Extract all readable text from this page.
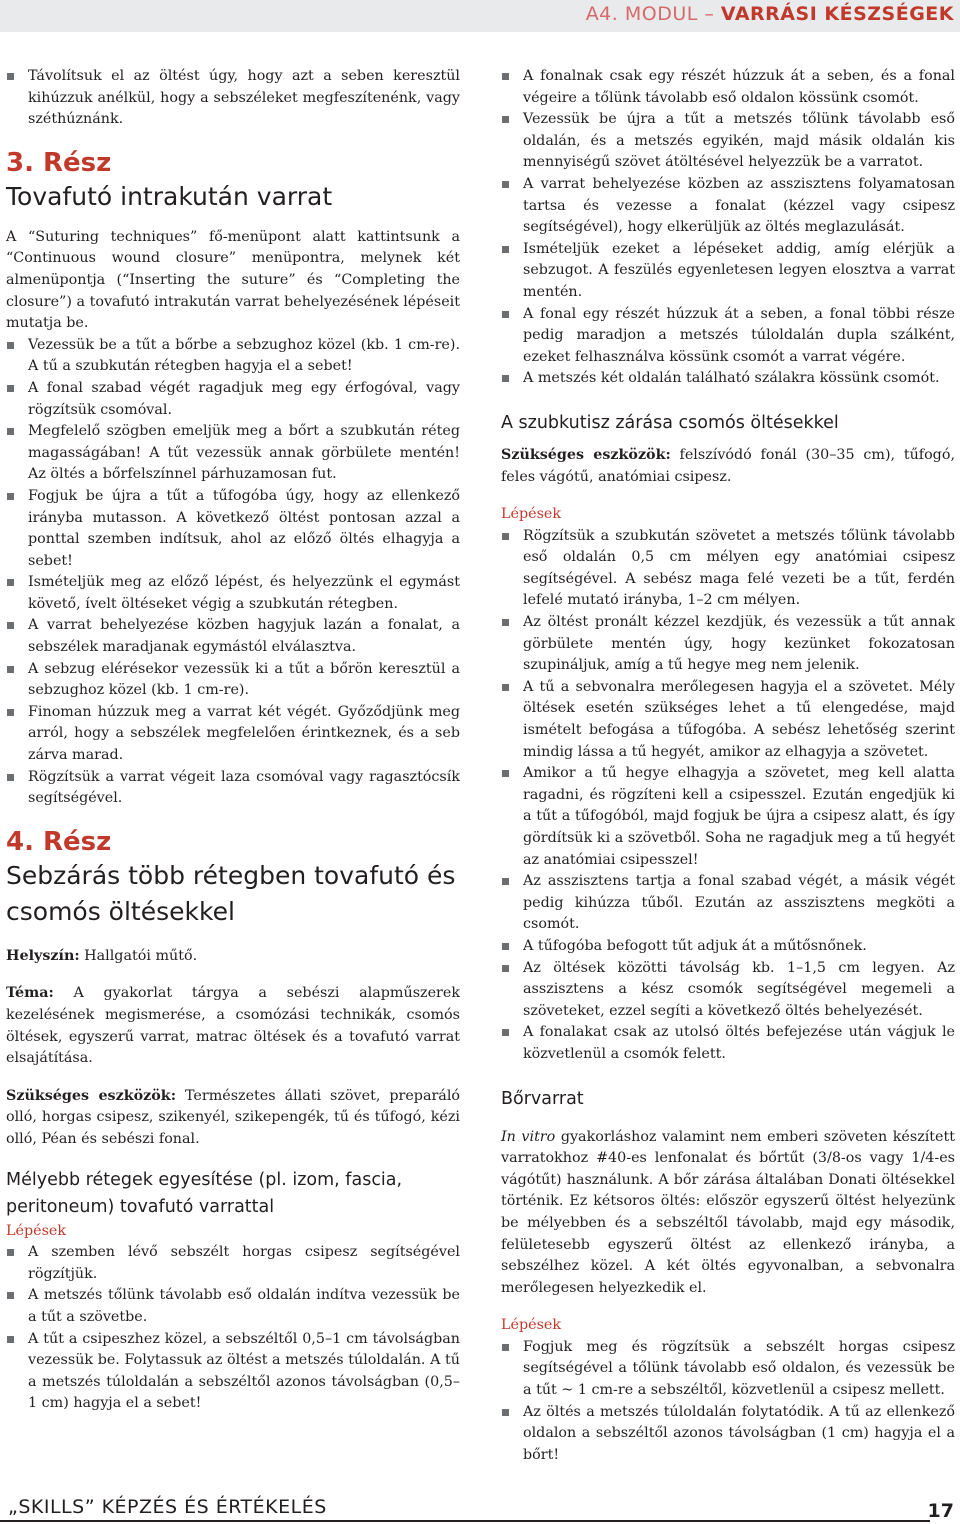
A4. MODUL – VARRÁSI KÉSZSÉGEK
Távolítsuk el az öltést úgy, hogy azt a seben keresztül kihúzzuk anélkül, hogy a sebszéleket megfeszítenénk, vagy széthúznánk.
3. Rész
Tovafutó intrakután varrat

A “Suturing techniques” fő-menüpont alatt kattintsunk a “Continuous wound closure” menüpontra, melynek két almenüpontja (“Inserting the suture” és “Completing the closure”) a tovafutó intrakután varrat behelyezésének lépéseit mutatja be.

Vezessük be a tűt a bőrbe a sebzughoz közel (kb. 1 cm-re). A tű a szubkután rétegben hagyja el a sebet!
A fonal szabad végét ragadjuk meg egy érfogóval, vagy rögzítsük csomóval.
Megfelelő szögben emeljük meg a bőrt a szubkután réteg magasságában! A tűt vezessük annak görbülete mentén! Az öltés a bőrfelszínnel párhuzamosan fut.
Fogjuk be újra a tűt a tűfogóba úgy, hogy az ellenkező irányba mutasson. A következő öltést pontosan azzal a ponttal szemben indítsuk, ahol az előző öltés elhagyja a sebet!
Ismételjük meg az előző lépést, és helyezzünk el egymást követő, ívelt öltéseket végig a szubkután rétegben.
A varrat behelyezése közben hagyjuk lazán a fonalat, a sebszélek maradjanak egymástól elválasztva.
A sebzug elérésekor vezessük ki a tűt a bőrön keresztül a sebzughoz közel (kb. 1 cm-re).
Finoman húzzuk meg a varrat két végét. Győződjünk meg arról, hogy a sebszélek megfelelően érintkeznek, és a seb zárva marad.
Rögzítsük a varrat végeit laza csomóval vagy ragasztócsík segítségével.
4. Rész
Sebzárás több rétegben tovafutó és
csomós öltésekkel

Helyszín: Hallgatói műtő.

Téma: A gyakorlat tárgya a sebészi alapműszerek kezelésének megismerése, a csomózási technikák, csomós öltések, egyszerű varrat, matrac öltések és a tovafutó varrat elsajátítása.

Szükséges eszközök: Természetes állati szövet, preparáló olló, horgas csipesz, szikenyél, szikepengék, tű és tűfogó, kézi olló, Péan és sebészi fonal.

Mélyebb rétegek egyesítése (pl. izom, fascia, peritoneum) tovafutó varrattal

Lépések

A szemben lévő sebszélt horgas csipesz segítségével rögzítjük.
A metszés tőlünk távolabb eső oldalán indítva vezessük be a tűt a szövetbe.
A tűt a csipeszhez közel, a sebszéltől 0,5–1 cm távolságban vezessük be. Folytassuk az öltést a metszés túloldalán. A tű a metszés túloldalán a sebszéltől azonos távolságban (0,5–1 cm) hagyja el a sebet!
A fonalnak csak egy részét húzzuk át a seben, és a fonal végeire a tőlünk távolabb eső oldalon kössünk csomót.
Vezessük be újra a tűt a metszés tőlünk távolabb eső oldalán, és a metszés egyikén, majd másik oldalán kis mennyiségű szövet átöltésével helyezzük be a varratot.
A varrat behelyezése közben az asszisztens folyamatosan tartsa és vezesse a fonalat (kézzel vagy csipesz segítségével), hogy elkerüljük az öltés meglazulását.
Ismételjük ezeket a lépéseket addig, amíg elérjük a sebzugot. A feszülés egyenletesen legyen elosztva a varrat mentén.
A fonal egy részét húzzuk át a seben, a fonal többi része pedig maradjon a metszés túloldalán dupla szálként, ezeket felhasználva kössünk csomót a varrat végére.
A metszés két oldalán található szálakra kössünk csomót.
A szubkutisz zárása csomós öltésekkel

Szükséges eszközök: felszívódó fonál (30–35 cm), tűfogó, feles vágótű, anatómiai csipesz.

Lépések

Rögzítsük a szubkután szövetet a metszés tőlünk távolabb eső oldalán 0,5 cm mélyen egy anatómiai csipesz segítségével. A sebész maga felé vezeti be a tűt, ferdén lefelé mutató irányba, 1–2 cm mélyen.
Az öltést pronált kézzel kezdjük, és vezessük a tűt annak görbülete mentén úgy, hogy kezünket fokozatosan szupináljuk, amíg a tű hegye meg nem jelenik.
A tű a sebvonalra merőlegesen hagyja el a szövetet. Mély öltések esetén szükséges lehet a tű elengedése, majd ismételt befogása a tűfogóba. A sebész lehetőség szerint mindig lássa a tű hegyét, amikor az elhagyja a szövetet.
Amikor a tű hegye elhagyja a szövetet, meg kell alatta ragadni, és rögzíteni kell a csipesszel. Ezután engedjük ki a tűt a tűfogóból, majd fogjuk be újra a csipesz alatt, és így gördítsük ki a szövetből. Soha ne ragadjuk meg a tű hegyét az anatómiai csipesszel!
Az asszisztens tartja a fonal szabad végét, a másik végét pedig kihúzza tűből. Ezután az asszisztens megköti a csomót.
A tűfogóba befogott tűt adjuk át a műtősnőnek.
Az öltések közötti távolság kb. 1–1,5 cm legyen. Az asszisztens a kész csomók segítségével megemeli a szöveteket, ezzel segíti a következő öltés behelyezését.
A fonalakat csak az utolsó öltés befejezése után vágjuk le közvetlenül a csomók felett.
Bőrvarrat

In vitro gyakorláshoz valamint nem emberi szöveten készített varratokhoz #40-es lenfonalat és bőrtűt (3/8-os vagy 1/4-es vágótűt) használunk. A bőr zárása általában Donati öltésekkel történik. Ez kétsoros öltés: először egyszerű öltést helyezünk be mélyebben és a sebszéltől távolabb, majd egy második, felületesebb egyszerű öltést az ellenkező irányba, a sebszélhez közel. A két öltés egyvonalban, a sebvonalra merőlegesen helyezkedik el.

Lépések

Fogjuk meg és rögzítsük a sebszélt horgas csipesz segítségével a tőlünk távolabb eső oldalon, és vezessük be a tűt ~ 1 cm-re a sebszéltől, közvetlenül a csipesz mellett.
Az öltés a metszés túloldalán folytatódik. A tű az ellenkező oldalon a sebszéltől azonos távolságban (1 cm) hagyja el a bőrt!
„SKILLS” KÉPZÉS ÉS ÉRTÉKELÉS	17
